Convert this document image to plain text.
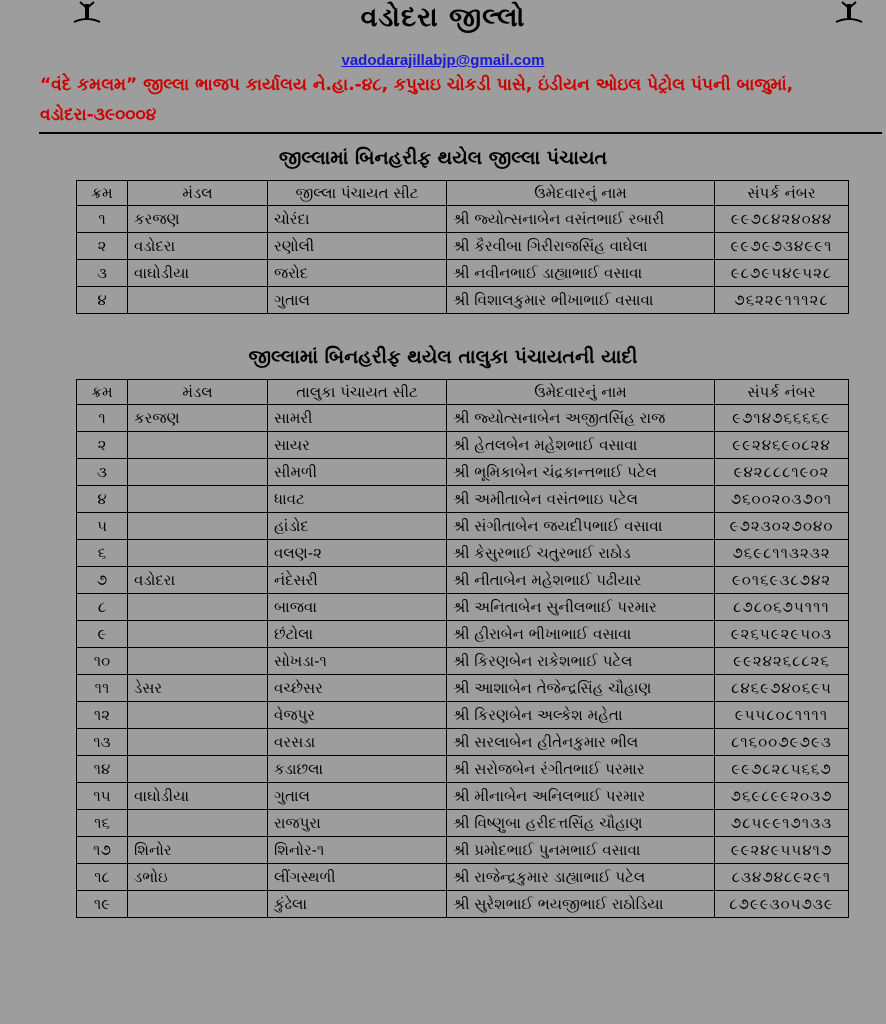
વડોદરા જીલ્લો
vadodarajillabjp@gmail.com
“વંદે કમલમ” જીલ્લા ભાજપ કાર્યાલય ને.હા.-૪૮, કપુરાઇ ચોકડી પાસે, ઇંડીયન ઓઇલ પેટ્રોલ પંપની બાજુમાં, વડોદરા-૩૯૦૦૦૪
જીલ્લામાં બિનહરીફ થયેલ જીલ્લા પંચાયત
ક્રમ	મંડલ	જીલ્લા પંચાયત સીટ	ઉમેદવારનું નામ	સંપર્ક નંબર
૧	કરજણ	ચોરંદા	શ્રી જ્યોત્સનાબેન વસંતભાઈ રબારી	૯૯૭૮૪૨૪૦૪૪
૨	વડોદરા	રણોલી	શ્રી કૈરવીબા ગિરીરાજસિંહ વાઘેલા	૯૯૭૯૭૩૪૯૯૧
૩	વાઘોડીયા	જરોદ	શ્રી નવીનભાઈ ડાહ્યાભાઈ વસાવા	૯૮૭૯૫૪૯૫૨૮
૪		ગુતાલ	શ્રી વિશાલકુમાર ભીખાભાઈ વસાવા	૭૬૨૨૯૧૧૧૨૮
જીલ્લામાં બિનહરીફ થયેલ તાલુકા પંચાયતની યાદી
ક્રમ	મંડલ	તાલુકા પંચાયત સીટ	ઉમેદવારનું નામ	સંપર્ક નંબર
૧	કરજણ	સામરી	શ્રી જ્યોત્સનાબેન અજીતસિંહ રાજ	૯૭૧૪૭૬૬૬૬૯
૨		સાયર	શ્રી હેતલબેન મહેશભાઈ વસાવા	૯૯૨૪૬૯૦૮૨૪
૩		સીમળી	શ્રી ભૂમિકાબેન ચંદ્રકાન્તભાઈ પટેલ	૯૪૨૮૮૮૧૯૦૨
૪		ધાવટ	શ્રી અમીતાબેન વસંતભાઇ પટેલ	૭૬૦૦૨૦૩૭૦૧
૫		હાંડોદ	શ્રી સંગીતાબેન જયદીપભાઈ વસાવા	૯૭૨૩૦૨૭૦૪૦
૬		વલણ-૨	શ્રી કેસુરભાઈ ચતુરભાઈ રાઠોડ	૭૬૯૮૧૧૩૨૩૨
૭	વડોદરા	નંદેસરી	શ્રી નીતાબેન મહેશભાઈ પઢીયાર	૯૦૧૬૯૩૮૭૪૨
૮		બાજવા	શ્રી અનિતાબેન સુનીલભાઈ પરમાર	૮૭૮૦૬૭૫૧૧૧
૯		છંટોલા	શ્રી હીરાબેન ભીખાભાઈ વસાવા	૯૨૬૫૯૨૯૫૦૩
૧૦		સોખડા-૧	શ્રી કિરણબેન રાકેશભાઈ પટેલ	૯૯૨૪૨૬૮૮૨૬
૧૧	ડેસર	વચ્છેસર	શ્રી આશાબેન તેજેન્દ્રસિંહ ચૌહાણ	૮૪૬૯૭૪૦૬૯૫
૧૨		વેજપુર	શ્રી કિરણબેન અલ્કેશ મહેતા	૯૫૫૮૦૮૧૧૧૧
૧૩		વરસડા	શ્રી સરલાબેન હીતેનકુમાર ભીલ	૮૧૬૦૦૭૯૭૯૩
૧૪		કડાછલા	શ્રી સરોજબેન રંગીતભાઈ પરમાર	૯૯૭૮૨૮૫૬૬૭
૧૫	વાઘોડીયા	ગુતાલ	શ્રી મીનાબેન અનિલભાઈ પરમાર	૭૬૯૮૯૯૨૦૩૭
૧૬		રાજપુરા	શ્રી વિષ્ણુબા હરીદત્તસિંહ ચૌહાણ	૭૮૫૯૯૧૭૧૩૩
૧૭	શિનોર	શિનોર-૧	શ્રી પ્રમોદભાઈ પુનમભાઈ વસાવા	૯૯૨૪૯૫૫૪૧૭
૧૮	ડભોઇ	લીંગસ્થળી	શ્રી રાજેન્દ્રકુમાર ડાહ્યાભાઈ પટેલ	૮૩૪૭૪૮૯૨૯૧
૧૯		કુંઢેલા	શ્રી સુરેશભાઈ ભયજીભાઈ રાઠોડિયા	૮૭૯૯૩૦૫૭૩૯
